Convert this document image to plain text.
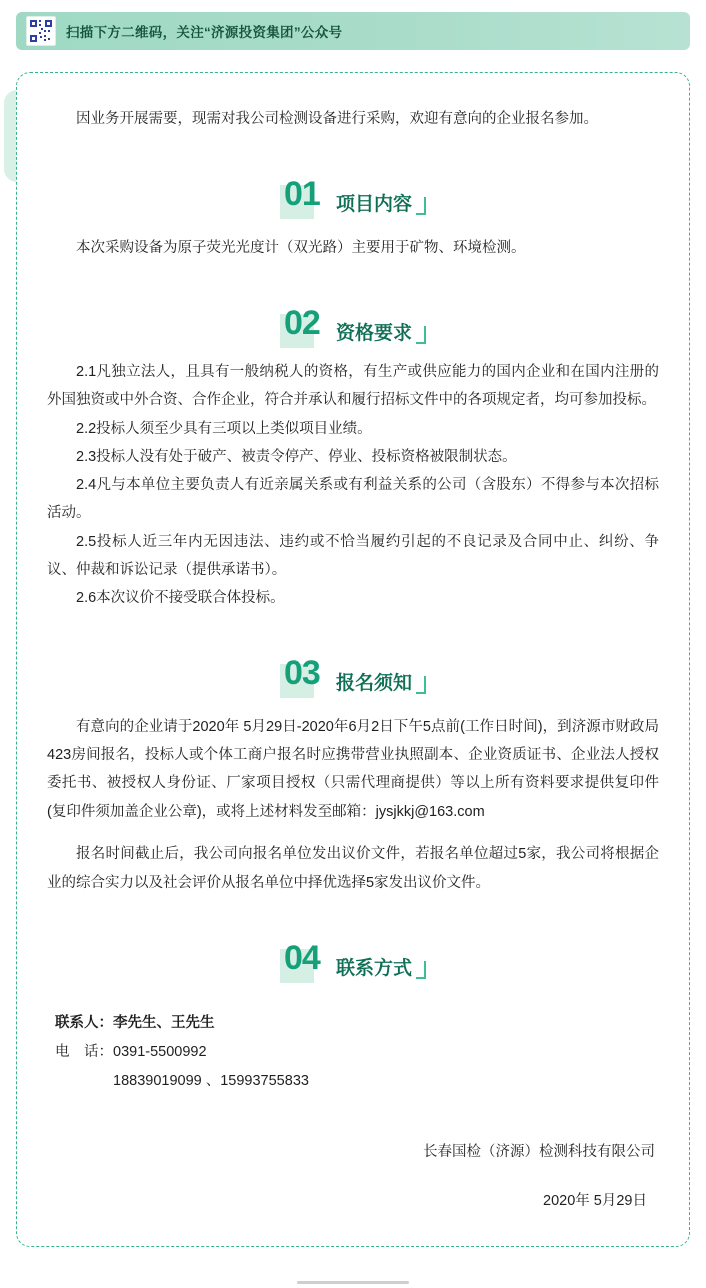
扫描下方二维码，关注“济源投资集团”公众号

因业务开展需要，现需对我公司检测设备进行采购，欢迎有意向的企业报名参加。

01 项目内容

本次采购设备为原子荧光光度计（双光路）主要用于矿物、环境检测。

02 资格要求

2.1凡独立法人，且具有一般纳税人的资格，有生产或供应能力的国内企业和在国内注册的外国独资或中外合资、合作企业，符合并承认和履行招标文件中的各项规定者，均可参加投标。

2.2投标人须至少具有三项以上类似项目业绩。

2.3投标人没有处于破产、被责令停产、停业、投标资格被限制状态。

2.4凡与本单位主要负责人有近亲属关系或有利益关系的公司（含股东）不得参与本次招标活动。

2.5投标人近三年内无因违法、违约或不恰当履约引起的不良记录及合同中止、纠纷、争议、仲裁和诉讼记录（提供承诺书）。

2.6本次议价不接受联合体投标。

03 报名须知

有意向的企业请于2020年 5月29日-2020年6月2日下午5点前(工作日时间)，到济源市财政局423房间报名，投标人或个体工商户报名时应携带营业执照副本、企业资质证书、企业法人授权委托书、被授权人身份证、厂家项目授权（只需代理商提供）等以上所有资料要求提供复印件(复印件须加盖企业公章)，或将上述材料发至邮箱：jysjkkj@163.com

报名时间截止后，我公司向报名单位发出议价文件，若报名单位超过5家，我公司将根据企业的综合实力以及社会评价从报名单位中择优选择5家发出议价文件。

04 联系方式
联系人：李先生、王先生
电　话：0391-5500992
18839019099 、15993755833
长春国检（济源）检测科技有限公司
2020年 5月29日
